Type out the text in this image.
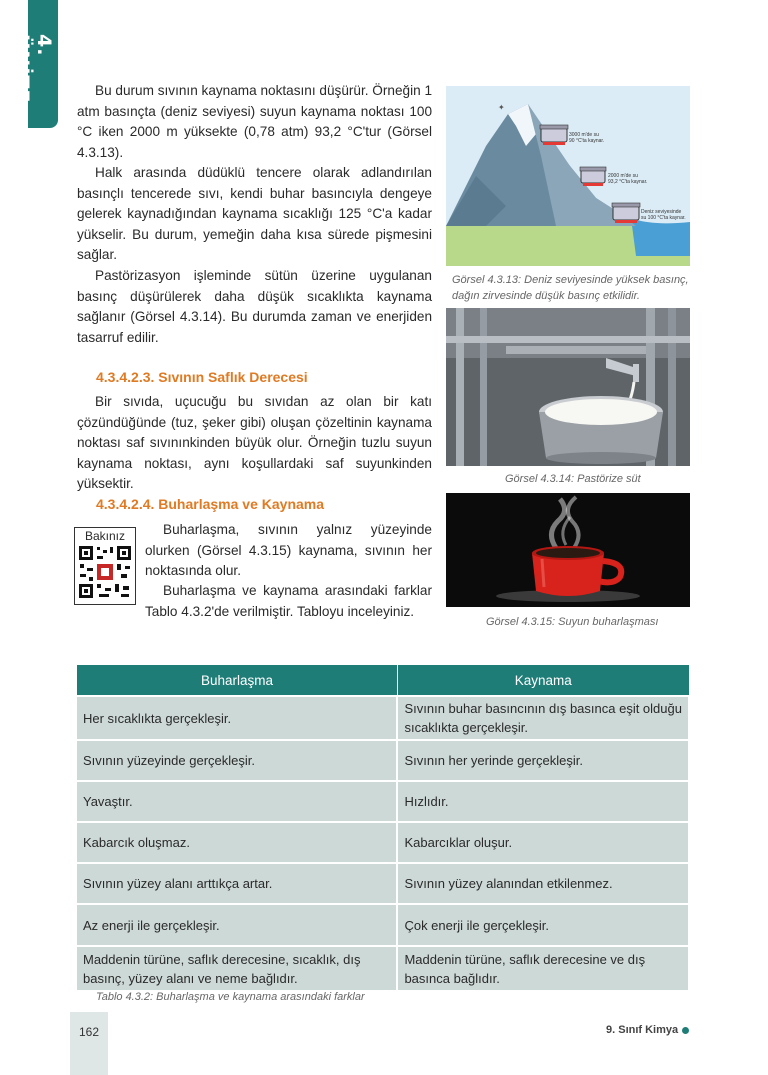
4. ÜNİTE	Bu durum sıvının kaynama noktasını düşürür. Örneğin 1 atm basınçta (deniz seviyesi) suyun kaynama noktası 100 °C iken 2000 m yüksekte (0,78 atm) 93,2 °C'tur (Görsel 4.3.13).

Halk arasında düdüklü tencere olarak adlandırılan basınçlı tencerede sıvı, kendi buhar basıncıyla dengeye gelerek kaynadığından kaynama sıcaklığı 125 °C'a kadar yükselir. Bu durum, yemeğin daha kısa sürede pişmesini sağlar.

Pastörizasyon işleminde sütün üzerine uygulanan basınç düşürülerek daha düşük sıcaklıkta kaynama sağlanır (Görsel 4.3.14). Bu durumda zaman ve enerjiden tasarruf edilir.

4.3.4.2.3. Sıvının Saflık Derecesi

Bir sıvıda, uçucuğu bu sıvıdan az olan bir katı çözündüğünde (tuz, şeker gibi) oluşan çözeltinin kaynama noktası saf sıvınınkinden büyük olur. Örneğin tuzlu suyun kaynama noktası, aynı koşullardaki saf suyunkinden yüksektir.

4.3.4.2.4. Buharlaşma ve Kaynama
Bakınız	Buharlaşma, sıvının yalnız yüzeyinde olurken (Görsel 4.3.15) kaynama, sıvının her noktasında olur.

Buharlaşma ve kaynama arasındaki farklar Tablo 4.3.2'de verilmiştir. Tabloyu inceleyiniz.

✦
3000 m'de su
90 °C'ta kaynar.
2000 m'de su
93,2 °C'ta kaynar.
Deniz seviyesinde
su 100 °C'ta kaynar.

Görsel 4.3.13: Deniz seviyesinde yüksek basınç, dağın zirvesinde düşük basınç etkilidir.

Görsel 4.3.14: Pastörize süt

Görsel 4.3.15: Suyun buharlaşması

Buharlaşma	Kaynama
Her sıcaklıkta gerçekleşir.	Sıvının buhar basıncının dış basınca eşit olduğu sıcaklıkta gerçekleşir.
Sıvının yüzeyinde gerçekleşir.	Sıvının her yerinde gerçekleşir.
Yavaştır.	Hızlıdır.
Kabarcık oluşmaz.	Kabarcıklar oluşur.
Sıvının yüzey alanı arttıkça artar.	Sıvının yüzey alanından etkilenmez.
Az enerji ile gerçekleşir.	Çok enerji ile gerçekleşir.
Maddenin türüne, saflık derecesine, sıcaklık, dış basınç, yüzey alanı ve neme bağlıdır.	Maddenin türüne, saflık derecesine ve dış basınca bağlıdır.

Tablo 4.3.2: Buharlaşma ve kaynama arasındaki farklar

162	9. Sınıf Kimya
